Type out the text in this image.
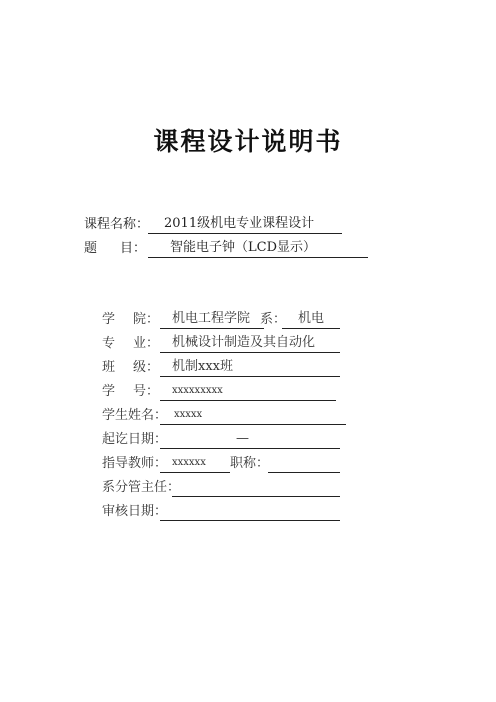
课程设计说明书
课程名称： 2011级机电专业课程设计
题 目： 智能电子钟（LCD显示）
学 院： 机电工程学院 系： 机电
专 业： 机械设计制造及其自动化
班 级： 机制xxx班
学 号： xxxxxxxxx
学生姓名： xxxxx
起讫日期：	—
指导教师： xxxxxx 职称：
系分管主任：
审核日期：
